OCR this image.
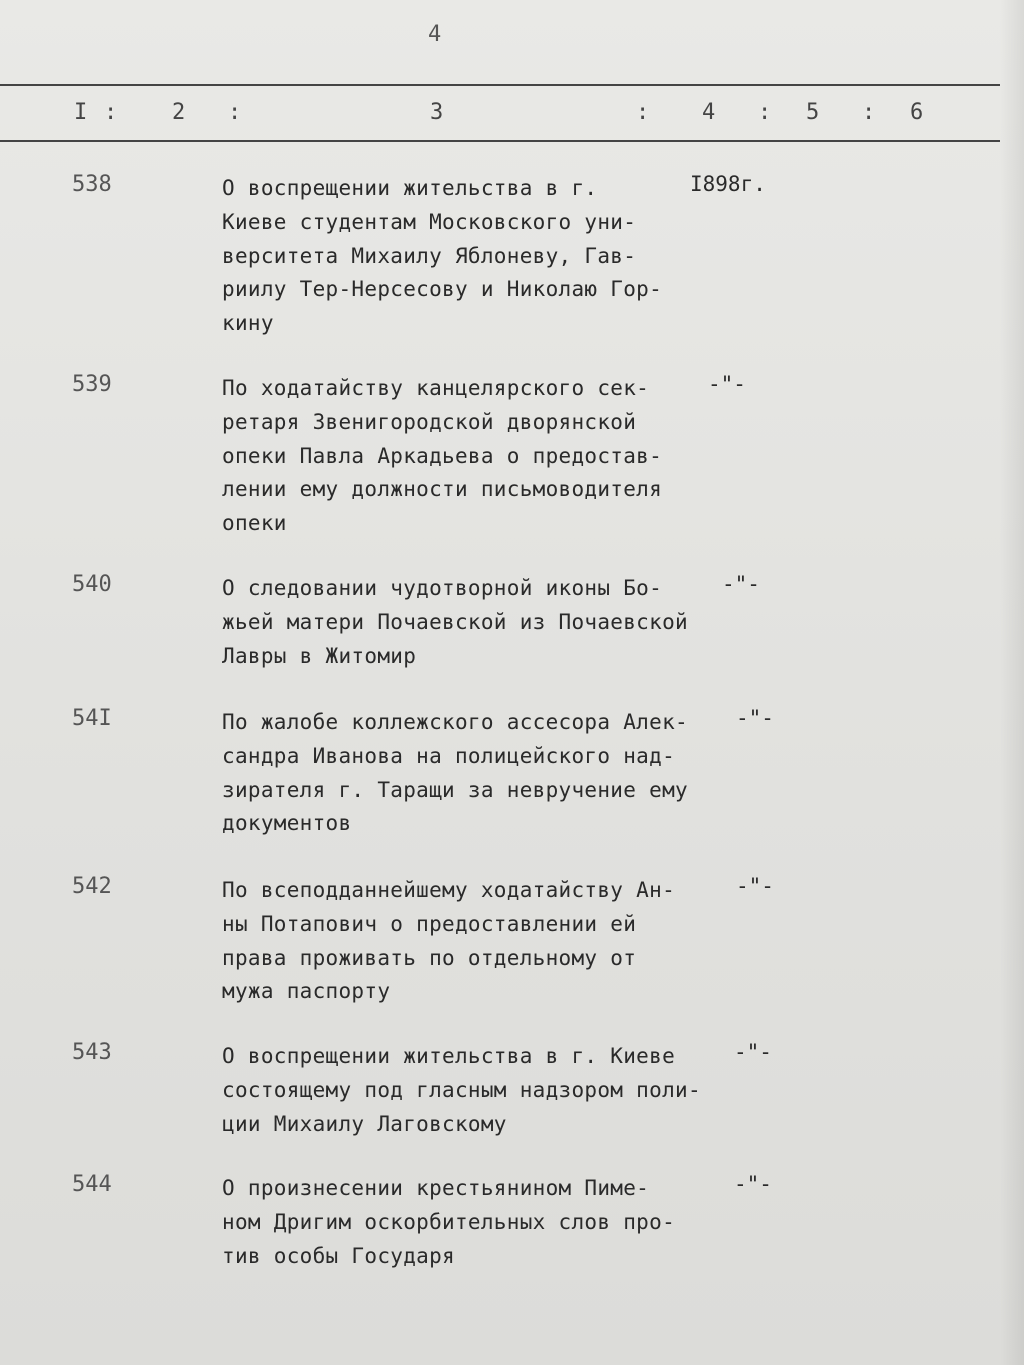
4
I : 2 :	3	: 4 : 5 : 6
538	О воспрещении жительства в г.
Киеве студентам Московского уни-
верситета Михаилу Яблоневу, Гав-
риилу Тер-Нерсесову и Николаю Гор-
кину
I898г.
539	По ходатайству канцелярского сек-
ретаря Звенигородской дворянской
опеки Павла Аркадьева о предостав-
лении ему должности письмоводителя
опеки
-"-
540	О следовании чудотворной иконы Бо-
жьей матери Почаевской из Почаевской
Лавры в Житомир
-"-
54I	По жалобе коллежского ассесора Алек-
сандра Иванова на полицейского над-
зирателя г. Таращи за невручение ему
документов
-"-
542	По всеподданнейшему ходатайству Ан-
ны Потапович о предоставлении ей
права проживать по отдельному от
мужа паспорту
-"-
543	О воспрещении жительства в г. Киеве
состоящему под гласным надзором поли-
ции Михаилу Лаговскому
-"-
544	О произнесении крестьянином Пиме-
ном Дригим оскорбительных слов про-
тив особы Государя
-"-
